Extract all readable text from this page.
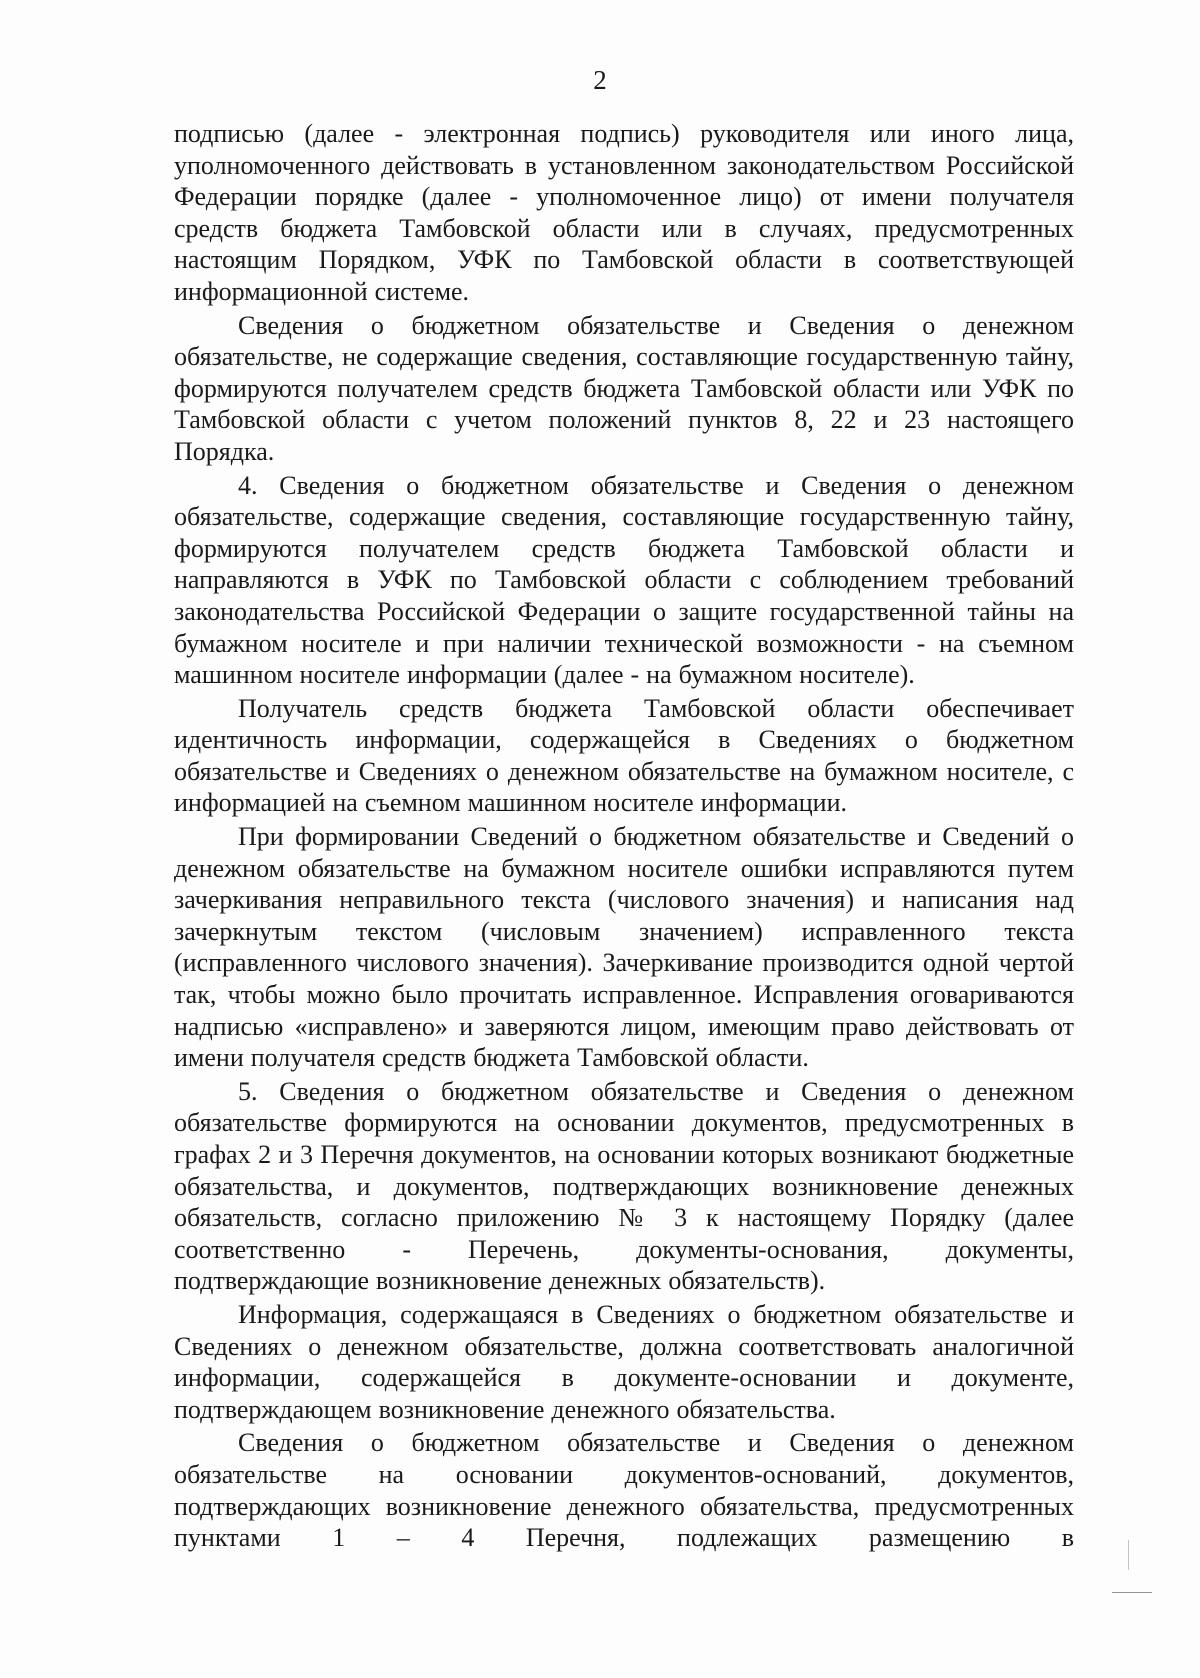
2

подписью (далее - электронная подпись) руководителя или иного лица, уполномоченного действовать в установленном законодательством Российской Федерации порядке (далее - уполномоченное лицо) от имени получателя средств бюджета Тамбовской области или в случаях, предусмотренных настоящим Порядком, УФК по Тамбовской области в соответствующей информационной системе.

Сведения о бюджетном обязательстве и Сведения о денежном обязательстве, не содержащие сведения, составляющие государственную тайну, формируются получателем средств бюджета Тамбовской области или УФК по Тамбовской области с учетом положений пунктов 8, 22 и 23 настоящего Порядка.

4. Сведения о бюджетном обязательстве и Сведения о денежном обязательстве, содержащие сведения, составляющие государственную тайну, формируются получателем средств бюджета Тамбовской области и направляются в УФК по Тамбовской области с соблюдением требований законодательства Российской Федерации о защите государственной тайны на бумажном носителе и при наличии технической возможности - на съемном машинном носителе информации (далее - на бумажном носителе).

Получатель средств бюджета Тамбовской области обеспечивает идентичность информации, содержащейся в Сведениях о бюджетном обязательстве и Сведениях о денежном обязательстве на бумажном носителе, с информацией на съемном машинном носителе информации.

При формировании Сведений о бюджетном обязательстве и Сведений о денежном обязательстве на бумажном носителе ошибки исправляются путем зачеркивания неправильного текста (числового значения) и написания над зачеркнутым текстом (числовым значением) исправленного текста (исправленного числового значения). Зачеркивание производится одной чертой так, чтобы можно было прочитать исправленное. Исправления оговариваются надписью «исправлено» и заверяются лицом, имеющим право действовать от имени получателя средств бюджета Тамбовской области.

5. Сведения о бюджетном обязательстве и Сведения о денежном обязательстве формируются на основании документов, предусмотренных в графах 2 и 3 Перечня документов, на основании которых возникают бюджетные обязательства, и документов, подтверждающих возникновение денежных обязательств, согласно приложению № 3 к настоящему Порядку (далее соответственно - Перечень, документы-основания, документы, подтверждающие возникновение денежных обязательств).

Информация, содержащаяся в Сведениях о бюджетном обязательстве и Сведениях о денежном обязательстве, должна соответствовать аналогичной информации, содержащейся в документе-основании и документе, подтверждающем возникновение денежного обязательства.

Сведения о бюджетном обязательстве и Сведения о денежном обязательстве на основании документов-оснований, документов, подтверждающих возникновение денежного обязательства, предусмотренных пунктами 1 – 4 Перечня, подлежащих размещению в
